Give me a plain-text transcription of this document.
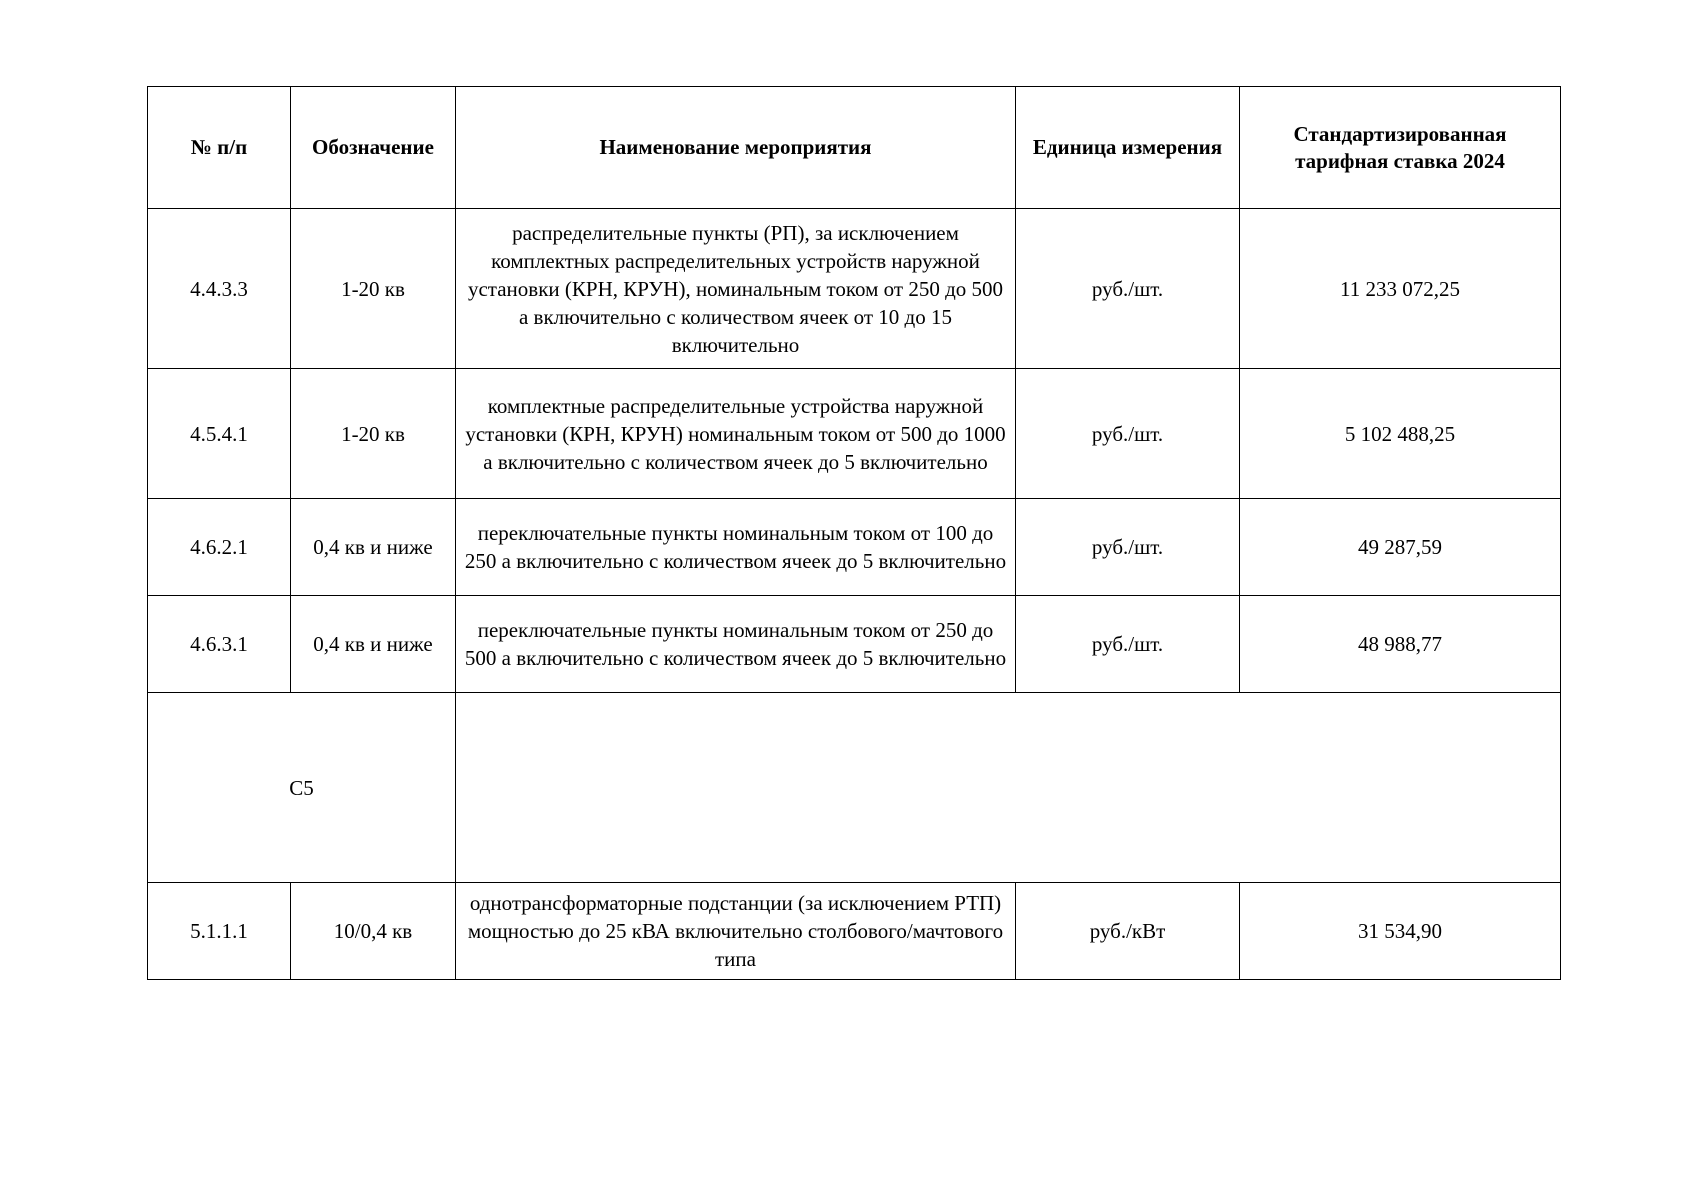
№ п/п	Обозначение	Наименование мероприятия	Единица измерения	Стандартизированная тарифная ставка 2024
4.4.3.3	1-20 кв	распределительные пункты (РП), за исключением комплектных распределительных устройств наружной установки (КРН, КРУН), номинальным током от 250 до 500 а включительно с количеством ячеек от 10 до 15 включительно	руб./шт.	11 233 072,25
4.5.4.1	1-20 кв	комплектные распределительные устройства наружной установки (КРН, КРУН) номинальным током от 500 до 1000 а включительно с количеством ячеек до 5 включительно	руб./шт.	5 102 488,25
4.6.2.1	0,4 кв и ниже	переключательные пункты номинальным током от 100 до 250 а включительно с количеством ячеек до 5 включительно	руб./шт.	49 287,59
4.6.3.1	0,4 кв и ниже	переключательные пункты номинальным током от 250 до 500 а включительно с количеством ячеек до 5 включительно	руб./шт.	48 988,77
С5				
5.1.1.1	10/0,4 кв	однотрансформаторные подстанции (за исключением РТП) мощностью до 25 кВА включительно столбового/мачтового типа	руб./кВт	31 534,90
